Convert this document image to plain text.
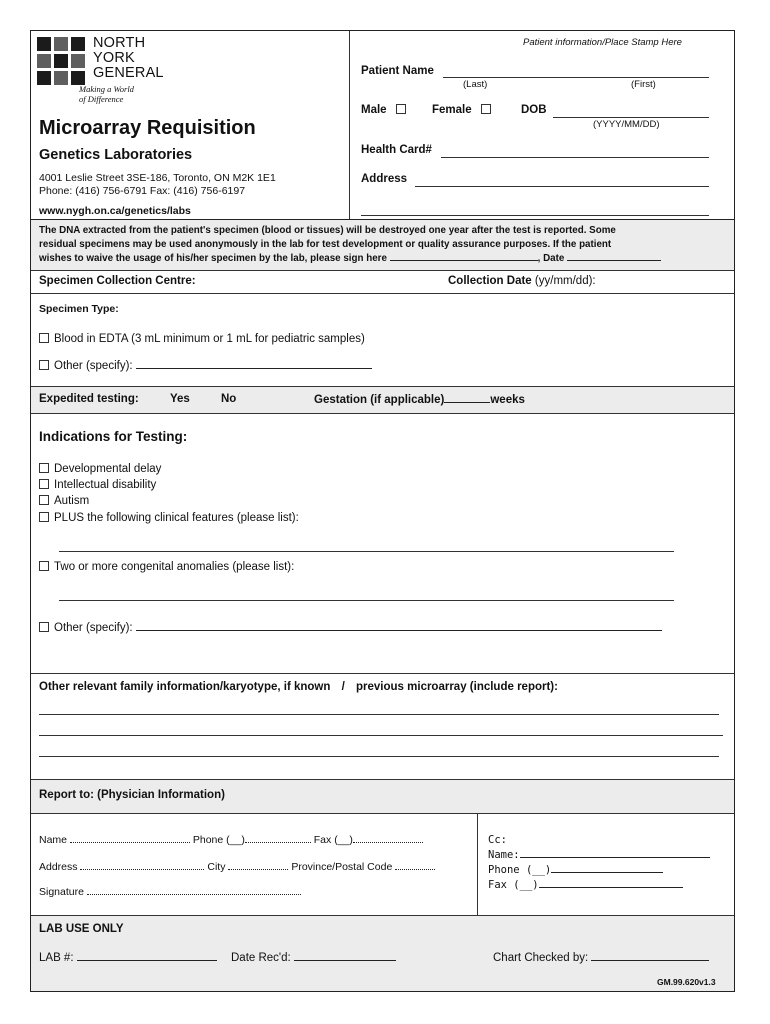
NORTH
YORK
GENERAL
Making a World
of Difference
Microarray Requisition
Genetics Laboratories
4001 Leslie Street 3SE-186, Toronto, ON M2K 1E1
Phone: (416) 756-6791 Fax: (416) 756-6197
www.nygh.on.ca/genetics/labs
Patient information/Place Stamp Here
Patient Name
(Last)	(First)
Male	Female	DOB
(YYYY/MM/DD)
Health Card#
Address
The DNA extracted from the patient's specimen (blood or tissues) will be destroyed one year after the test is reported. Some
residual specimens may be used anonymously in the lab for test development or quality assurance purposes. If the patient
wishes to waive the usage of his/her specimen by the lab, please sign here	, Date
Specimen Collection Centre:	Collection Date (yy/mm/dd):
Specimen Type:
Blood in EDTA (3 mL minimum or 1 mL for pediatric samples)
Other (specify):
Expedited testing:	Yes	No	Gestation (if applicable)	weeks
Indications for Testing:
Developmental delay
Intellectual disability
Autism
PLUS the following clinical features (please list):
Two or more congenital anomalies (please list):
Other (specify):
Other relevant family information/karyotype, if known / previous microarray (include report):
Report to: (Physician Information)
Name	Phone (__)	Fax (__)
Address	City	Province/Postal Code
Signature
Cc:
Name:
Phone (__)
Fax (__)
LAB USE ONLY
LAB #:	Date Rec'd:	Chart Checked by:
GM.99.620v1.3
